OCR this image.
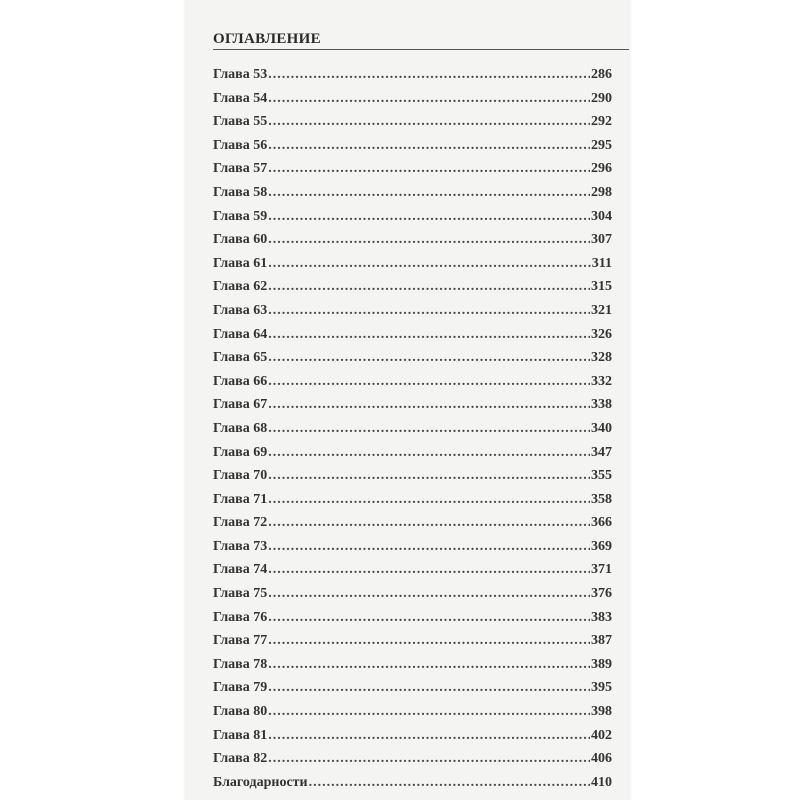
ОГЛАВЛЕНИЕ
Глава 53 .....	286
Глава 54 .....	290
Глава 55 .....	292
Глава 56 .....	295
Глава 57 .....	296
Глава 58 .....	298
Глава 59 .....	304
Глава 60 .....	307
Глава 61 .....	311
Глава 62 .....	315
Глава 63 .....	321
Глава 64 .....	326
Глава 65 .....	328
Глава 66 .....	332
Глава 67 .....	338
Глава 68 .....	340
Глава 69 .....	347
Глава 70 .....	355
Глава 71 .....	358
Глава 72 .....	366
Глава 73 .....	369
Глава 74 .....	371
Глава 75 .....	376
Глава 76 .....	383
Глава 77 .....	387
Глава 78 .....	389
Глава 79 .....	395
Глава 80 .....	398
Глава 81 .....	402
Глава 82 .....	406
Благодарности .....	410
